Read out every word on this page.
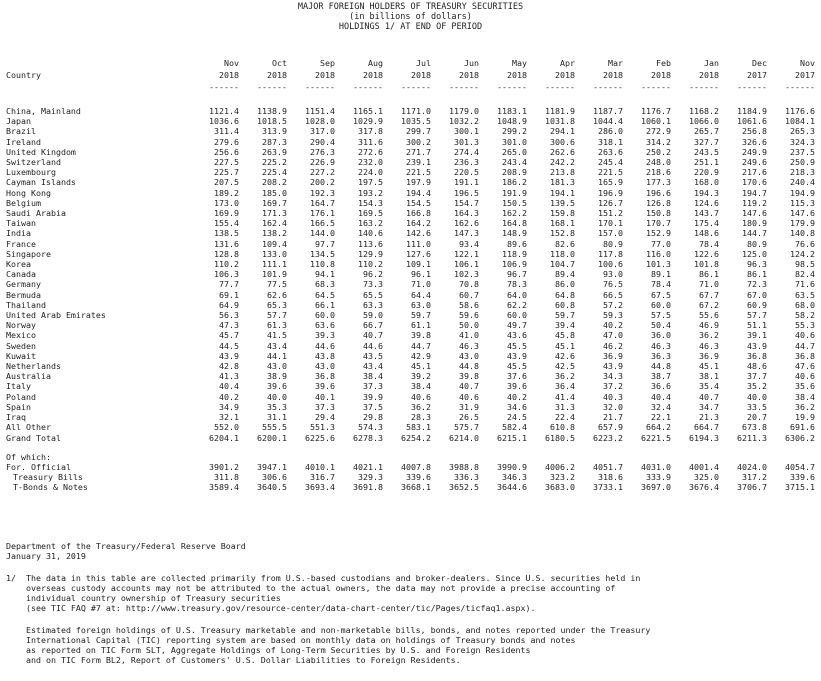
MAJOR FOREIGN HOLDERS OF TREASURY SECURITIES
(in billions of dollars)
HOLDINGS 1/ AT END OF PERIOD
	Nov	Oct	Sep	Aug	Jul	Jun	May	Apr	Mar	Feb	Jan	Dec	Nov
Country	2018	2018	2018	2018	2018	2018	2018	2018	2018	2018	2018	2017	2017
	------	------	------	------	------	------	------	------	------	------	------	------	------

China, Mainland	1121.4	1138.9	1151.4	1165.1	1171.0	1179.0	1183.1	1181.9	1187.7	1176.7	1168.2	1184.9	1176.6
Japan	1036.6	1018.5	1028.0	1029.9	1035.5	1032.2	1048.9	1031.8	1044.4	1060.1	1066.0	1061.6	1084.1
Brazil	311.4	313.9	317.0	317.8	299.7	300.1	299.2	294.1	286.0	272.9	265.7	256.8	265.3
Ireland	279.6	287.3	290.4	311.6	300.2	301.3	301.0	300.6	318.1	314.2	327.7	326.6	324.3
United Kingdom	256.6	263.9	276.3	272.6	271.7	274.4	265.0	262.6	263.6	250.2	243.5	249.9	237.5
Switzerland	227.5	225.2	226.9	232.0	239.1	236.3	243.4	242.2	245.4	248.0	251.1	249.6	250.9
Luxembourg	225.7	225.4	227.2	224.0	221.5	220.5	208.9	213.8	221.5	218.6	220.9	217.6	218.3
Cayman Islands	207.5	208.2	200.2	197.5	197.9	191.1	186.2	181.3	165.9	177.3	168.0	170.6	240.4
Hong Kong	189.2	185.0	192.3	193.2	194.4	196.5	191.9	194.1	196.9	196.6	194.3	194.7	194.9
Belgium	173.0	169.7	164.7	154.3	154.5	154.7	150.5	139.5	126.7	126.8	124.6	119.2	115.3
Saudi Arabia	169.9	171.3	176.1	169.5	166.8	164.3	162.2	159.8	151.2	150.8	143.7	147.6	147.6
Taiwan	155.4	162.4	166.5	163.2	164.2	162.6	164.8	168.1	170.1	170.7	175.4	180.9	179.9
India	138.5	138.2	144.0	140.6	142.6	147.3	148.9	152.8	157.0	152.9	148.6	144.7	140.8
France	131.6	109.4	97.7	113.6	111.0	93.4	89.6	82.6	80.9	77.0	78.4	80.9	76.6
Singapore	128.8	133.0	134.5	129.9	127.6	122.1	118.9	118.0	117.8	116.0	122.6	125.0	124.2
Korea	110.2	111.1	110.8	110.2	109.1	106.1	106.9	104.7	100.6	101.3	101.8	96.3	98.5
Canada	106.3	101.9	94.1	96.2	96.1	102.3	96.7	89.4	93.0	89.1	86.1	86.1	82.4
Germany	77.7	77.5	68.3	73.3	71.0	70.8	78.3	86.0	76.5	78.4	71.0	72.3	71.6
Bermuda	69.1	62.6	64.5	65.5	64.4	60.7	64.0	64.8	66.5	67.5	67.7	67.0	63.5
Thailand	64.9	65.3	66.1	63.3	63.0	58.6	62.2	60.8	57.2	60.0	67.2	60.9	68.0
United Arab Emirates	56.3	57.7	60.0	59.0	59.7	59.6	60.0	59.7	59.3	57.5	55.6	57.7	58.2
Norway	47.3	61.3	63.6	66.7	61.1	50.0	49.7	39.4	40.2	50.4	46.9	51.1	55.3
Mexico	45.7	41.5	39.3	40.7	39.8	41.0	43.6	45.8	47.0	36.0	36.2	39.1	40.6
Sweden	44.5	43.4	44.6	44.6	44.7	46.3	45.5	45.1	46.2	46.3	46.3	43.9	44.7
Kuwait	43.9	44.1	43.8	43.5	42.9	43.0	43.9	42.6	36.9	36.3	36.9	36.8	36.8
Netherlands	42.8	43.0	43.0	43.4	45.1	44.8	45.5	42.5	43.9	44.8	45.1	48.6	47.6
Australia	41.3	38.9	36.8	38.4	39.2	39.8	37.6	36.2	34.3	38.7	38.1	37.7	40.6
Italy	40.4	39.6	39.6	37.3	38.4	40.7	39.6	36.4	37.2	36.6	35.4	35.2	35.6
Poland	40.2	40.0	40.1	39.9	40.6	40.6	40.2	41.4	40.3	40.4	40.7	40.0	38.4
Spain	34.9	35.3	37.3	37.5	36.2	31.9	34.6	31.3	32.0	32.4	34.7	33.5	36.2
Iraq	32.1	31.1	29.4	29.8	28.3	26.5	24.5	22.4	21.7	22.1	21.3	20.7	19.9
All Other	552.0	555.5	551.3	574.3	583.1	575.7	582.4	610.8	657.9	664.2	664.7	673.8	691.6
Grand Total	6204.1	6200.1	6225.6	6278.3	6254.2	6214.0	6215.1	6180.5	6223.2	6221.5	6194.3	6211.3	6306.2

Of which:													
For. Official	3901.2	3947.1	4010.1	4021.1	4007.8	3988.8	3990.9	4006.2	4051.7	4031.0	4001.4	4024.0	4054.7
Treasury Bills	311.8	306.6	316.7	329.3	339.6	336.3	346.3	323.2	318.6	333.9	325.0	317.2	339.6
T-Bonds & Notes	3589.4	3640.5	3693.4	3691.8	3668.1	3652.5	3644.6	3683.0	3733.1	3697.0	3676.4	3706.7	3715.1
Department of the Treasury/Federal Reserve Board
January 31, 2019
1/  The data in this table are collected primarily from U.S.-based custodians and broker-dealers. Since U.S. securities held in
overseas custody accounts may not be attributed to the actual owners, the data may not provide a precise accounting of
individual country ownership of Treasury securities
(see TIC FAQ #7 at: http://www.treasury.gov/resource-center/data-chart-center/tic/Pages/ticfaq1.aspx).
Estimated foreign holdings of U.S. Treasury marketable and non-marketable bills, bonds, and notes reported under the Treasury
International Capital (TIC) reporting system are based on monthly data on holdings of Treasury bonds and notes
as reported on TIC Form SLT, Aggregate Holdings of Long-Term Securities by U.S. and Foreign Residents
and on TIC Form BL2, Report of Customers' U.S. Dollar Liabilities to Foreign Residents.
